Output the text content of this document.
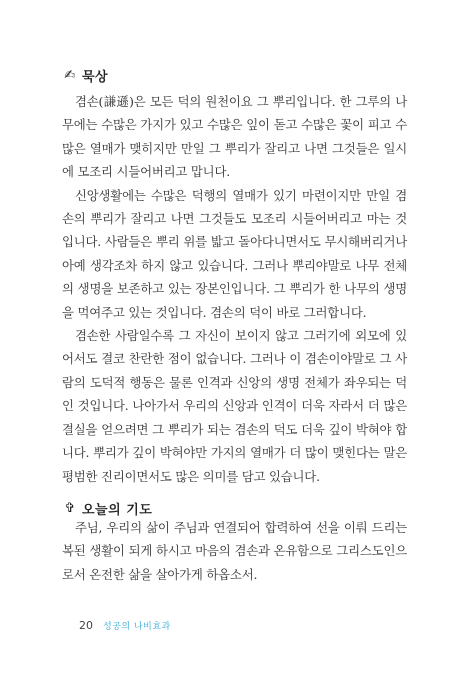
✍ 묵상

겸손(謙遜)은 모든 덕의 원천이요 그 뿌리입니다. 한 그루의 나무에는 수많은 가지가 있고 수많은 잎이 돋고 수많은 꽃이 피고 수많은 열매가 맺히지만 만일 그 뿌리가 잘리고 나면 그것들은 일시에 모조리 시들어버리고 맙니다.

신앙생활에는 수많은 덕행의 열매가 있기 마련이지만 만일 겸손의 뿌리가 잘리고 나면 그것들도 모조리 시들어버리고 마는 것입니다. 사람들은 뿌리 위를 밟고 돌아다니면서도 무시해버리거나 아예 생각조차 하지 않고 있습니다. 그러나 뿌리야말로 나무 전체의 생명을 보존하고 있는 장본인입니다. 그 뿌리가 한 나무의 생명을 먹여주고 있는 것입니다. 겸손의 덕이 바로 그러합니다.

겸손한 사람일수록 그 자신이 보이지 않고 그러기에 외모에 있어서도 결코 찬란한 점이 없습니다. 그러나 이 겸손이야말로 그 사람의 도덕적 행동은 물론 인격과 신앙의 생명 전체가 좌우되는 덕인 것입니다. 나아가서 우리의 신앙과 인격이 더욱 자라서 더 많은 결실을 얻으려면 그 뿌리가 되는 겸손의 덕도 더욱 깊이 박혀야 합니다. 뿌리가 깊이 박혀야만 가지의 열매가 더 많이 맺힌다는 말은 평범한 진리이면서도 많은 의미를 담고 있습니다.

✞ 오늘의 기도

주님, 우리의 삶이 주님과 연결되어 합력하여 선을 이뤄 드리는 복된 생활이 되게 하시고 마음의 겸손과 온유함으로 그리스도인으로서 온전한 삶을 살아가게 하옵소서.

20 성공의 나비효과
